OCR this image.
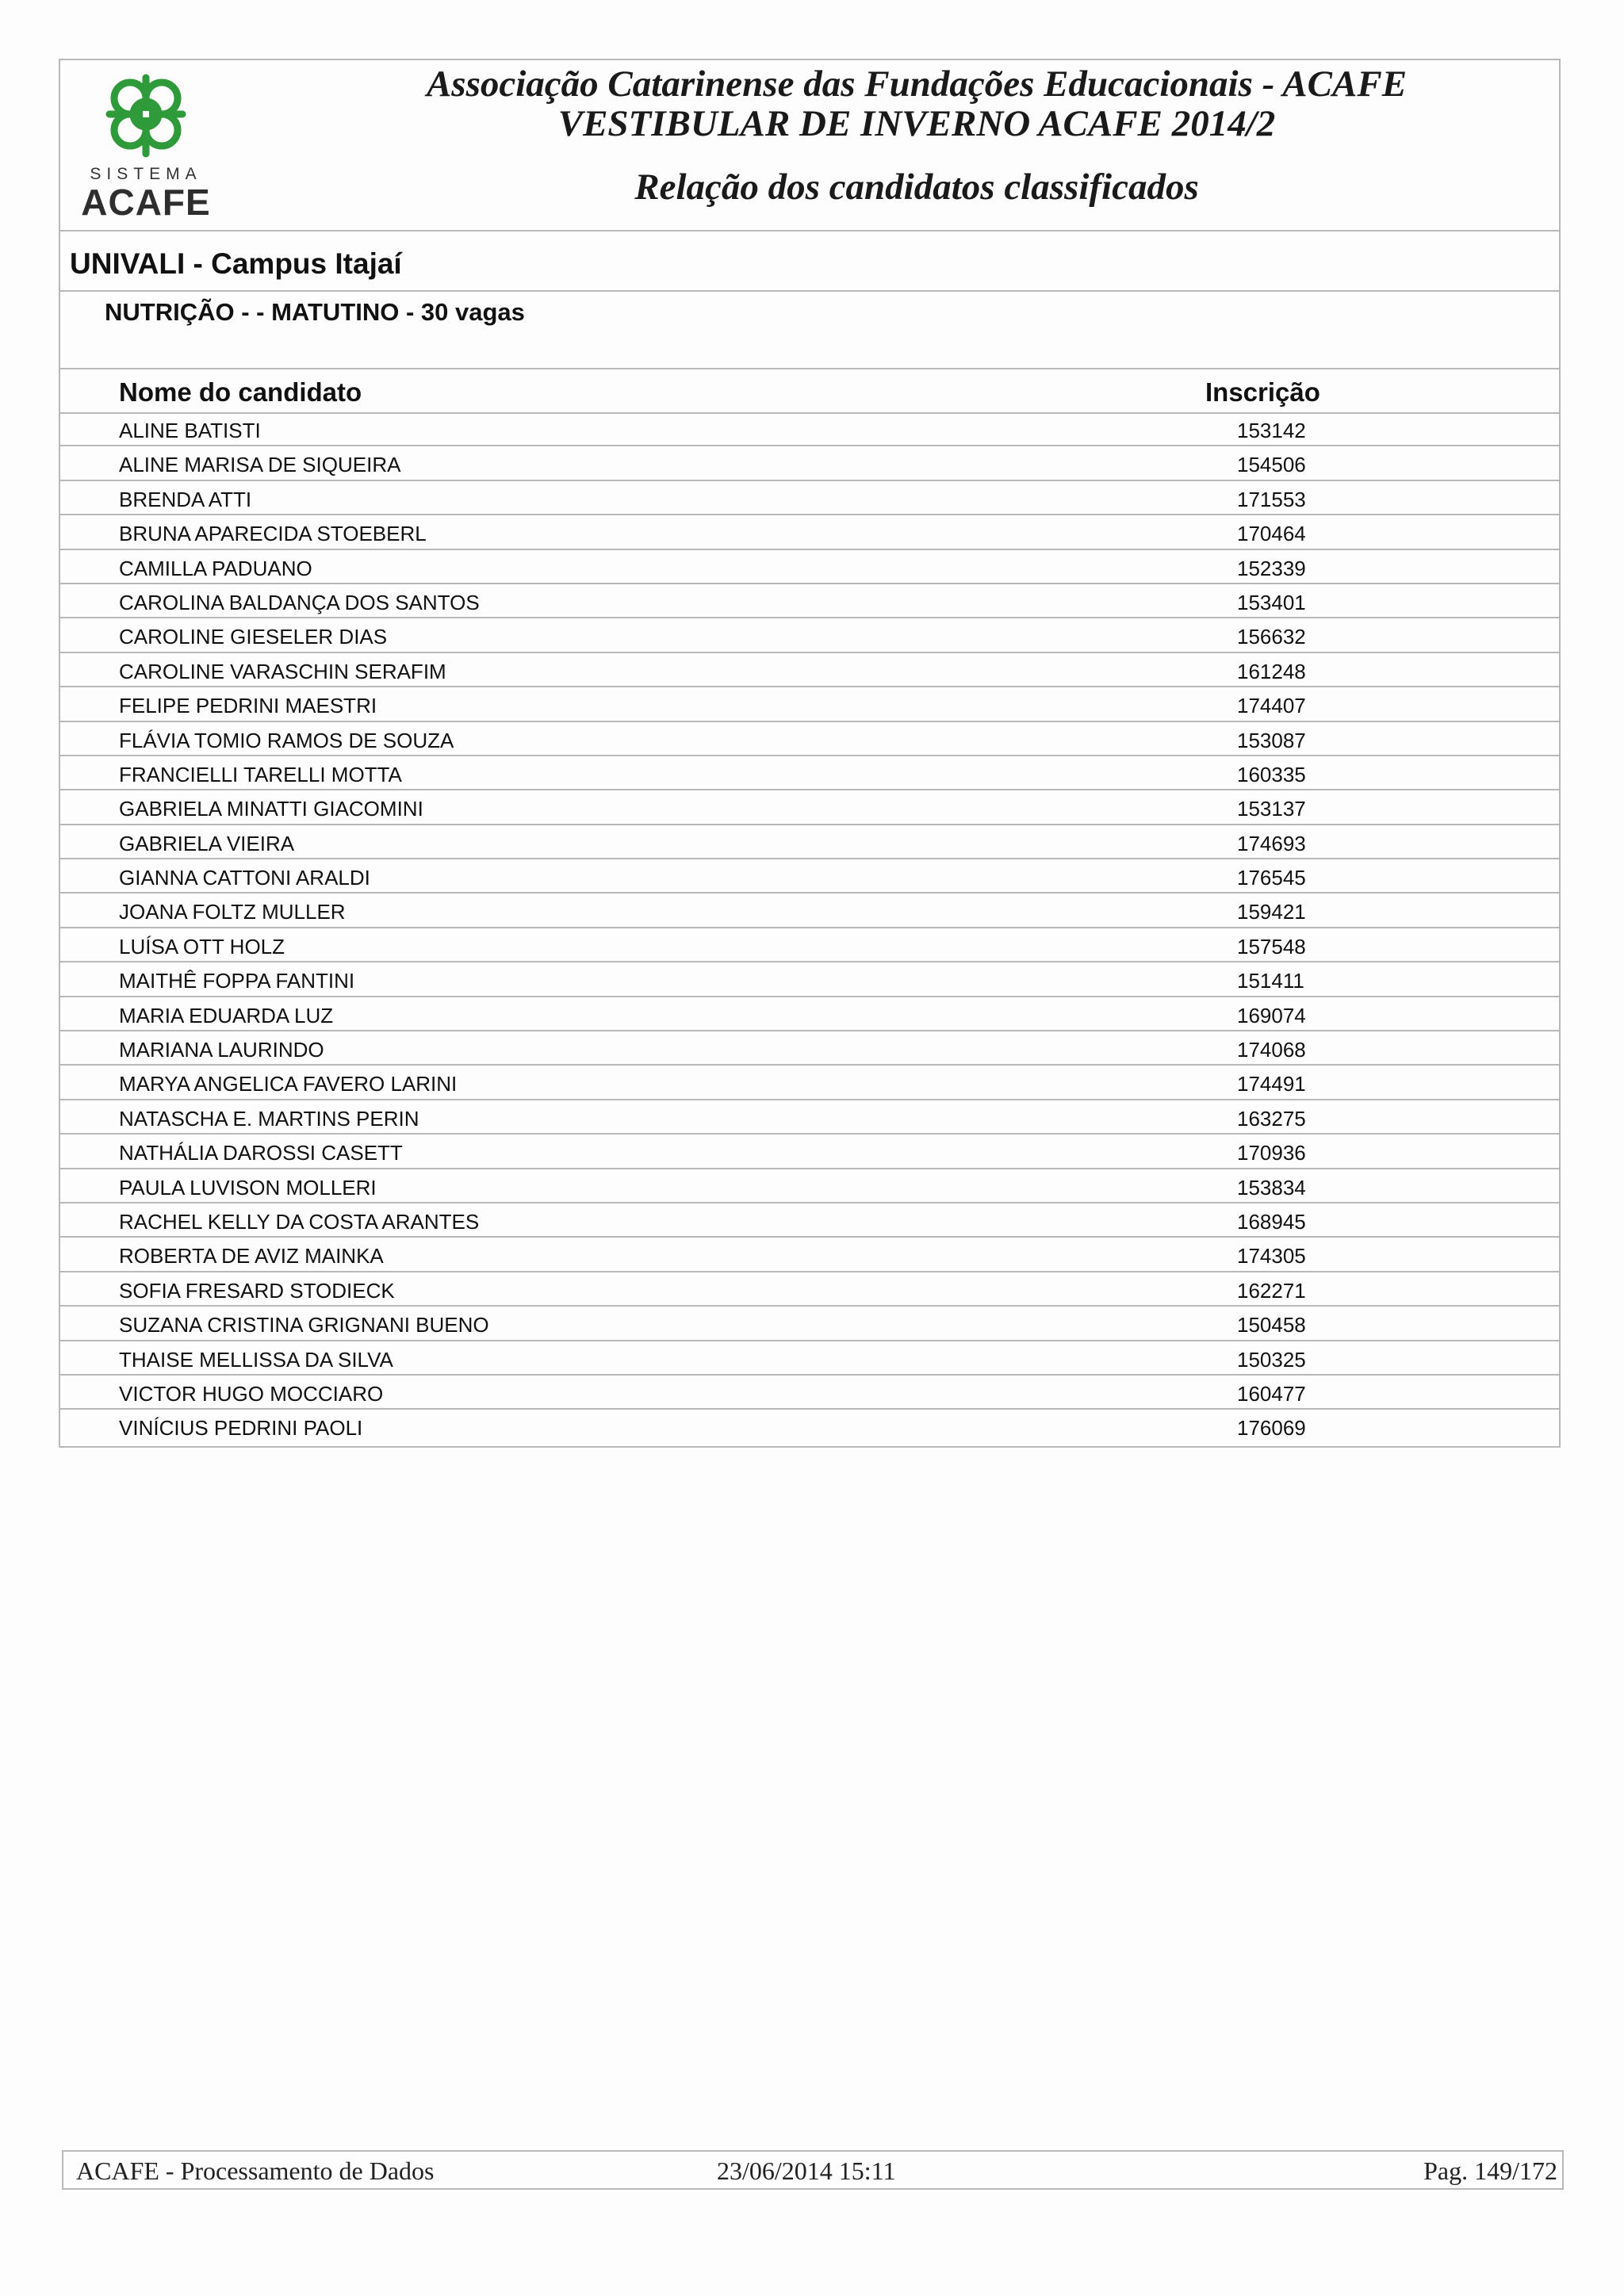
SISTEMA
ACAFE
Associação Catarinense das Fundações Educacionais - ACAFE
VESTIBULAR DE INVERNO ACAFE 2014/2
Relação dos candidatos classificados
UNIVALI - Campus Itajaí
NUTRIÇÃO - - MATUTINO - 30 vagas
Nome do candidato	Inscrição
ALINE BATISTI	153142
ALINE MARISA DE SIQUEIRA	154506
BRENDA ATTI	171553
BRUNA APARECIDA STOEBERL	170464
CAMILLA PADUANO	152339
CAROLINA BALDANÇA DOS SANTOS	153401
CAROLINE GIESELER DIAS	156632
CAROLINE VARASCHIN SERAFIM	161248
FELIPE PEDRINI MAESTRI	174407
FLÁVIA TOMIO RAMOS DE SOUZA	153087
FRANCIELLI TARELLI MOTTA	160335
GABRIELA MINATTI GIACOMINI	153137
GABRIELA VIEIRA	174693
GIANNA CATTONI ARALDI	176545
JOANA FOLTZ MULLER	159421
LUÍSA OTT HOLZ	157548
MAITHÊ FOPPA FANTINI	151411
MARIA EDUARDA LUZ	169074
MARIANA LAURINDO	174068
MARYA ANGELICA FAVERO LARINI	174491
NATASCHA E. MARTINS PERIN	163275
NATHÁLIA DAROSSI CASETT	170936
PAULA LUVISON MOLLERI	153834
RACHEL KELLY DA COSTA ARANTES	168945
ROBERTA DE AVIZ MAINKA	174305
SOFIA FRESARD STODIECK	162271
SUZANA CRISTINA GRIGNANI BUENO	150458
THAISE MELLISSA DA SILVA	150325
VICTOR HUGO MOCCIARO	160477
VINÍCIUS PEDRINI PAOLI	176069
ACAFE - Processamento de Dados	23/06/2014 15:11	Pag. 149/172
